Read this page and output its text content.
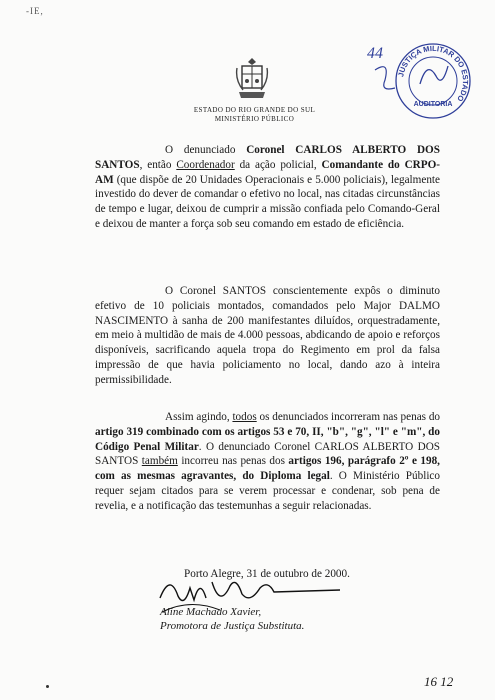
-IE,
ESTADO DO RIO GRANDE DO SUL
MINISTÉRIO PÚBLICO
44
JUSTIÇA MILITAR DO ESTADO
AUDITORIA

O denunciado Coronel CARLOS ALBERTO DOS SANTOS, então Coordenador da ação policial, Comandante do CRPO-AM (que dispõe de 20 Unidades Operacionais e 5.000 policiais), legalmente investido do dever de comandar o efetivo no local, nas citadas circunstâncias de tempo e lugar, deixou de cumprir a missão confiada pelo Comando-Geral e deixou de manter a força sob seu comando em estado de eficiência.

O Coronel SANTOS conscientemente expôs o diminuto efetivo de 10 policiais montados, comandados pelo Major DALMO NASCIMENTO à sanha de 200 manifestantes diluídos, orquestradamente, em meio à multidão de mais de 4.000 pessoas, abdicando de apoio e reforços disponíveis, sacrificando aquela tropa do Regimento em prol da falsa impressão de que havia policiamento no local, dando azo à inteira permissibilidade.

Assim agindo, todos os denunciados incorreram nas penas do artigo 319 combinado com os artigos 53 e 70, II, "b", "g", "l" e "m", do Código Penal Militar. O denunciado Coronel CARLOS ALBERTO DOS SANTOS também incorreu nas penas dos artigos 196, parágrafo 2º e 198, com as mesmas agravantes, do Diploma legal. O Ministério Público requer sejam citados para se verem processar e condenar, sob pena de revelia, e a notificação das testemunhas a seguir relacionadas.

Porto Alegre, 31 de outubro de 2000.
Aline Machado Xavier,
Promotora de Justiça Substituta.
16 12
